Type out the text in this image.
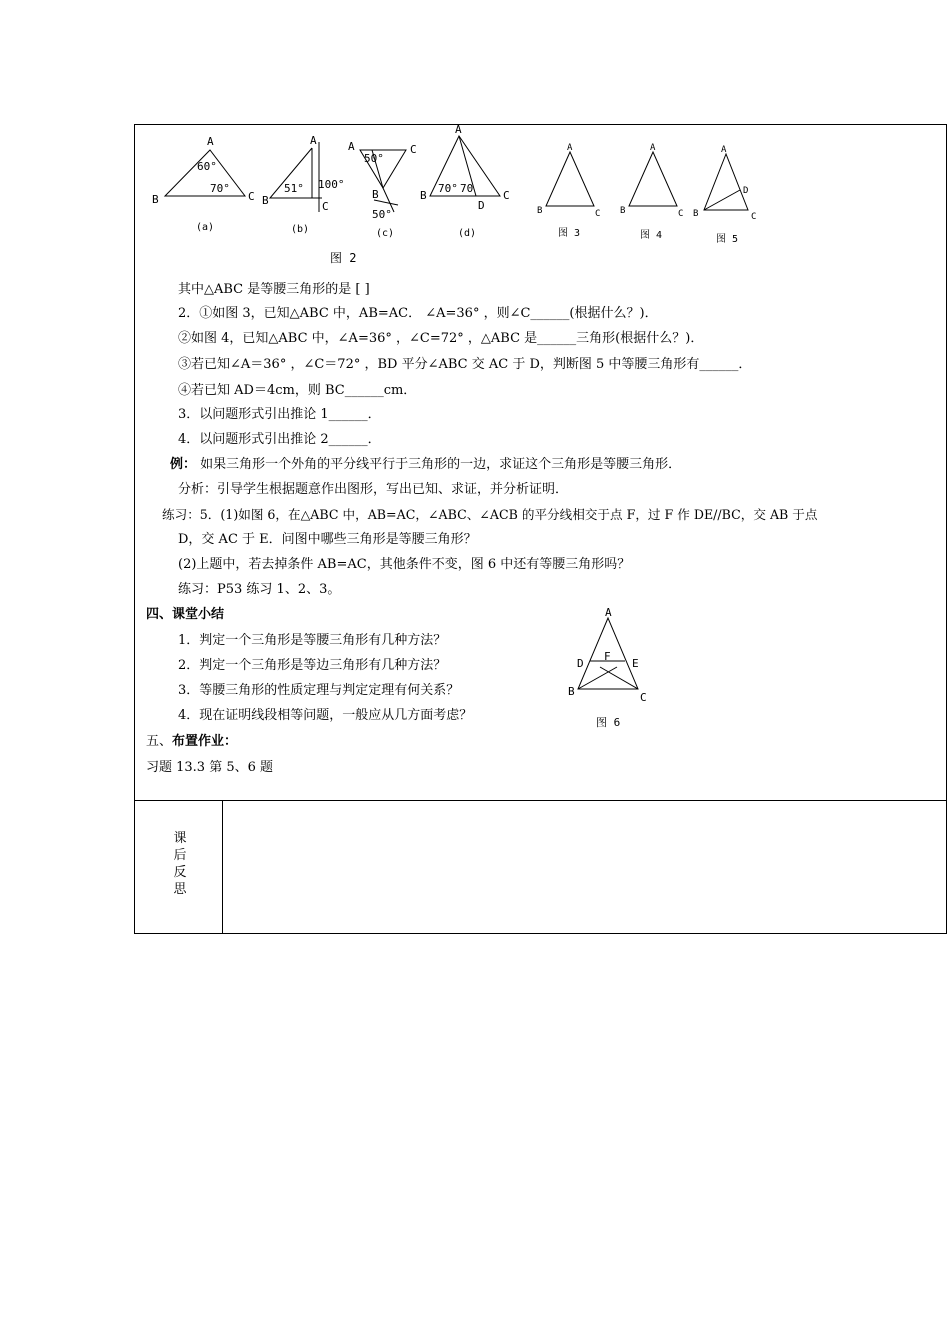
A
B	C
60°
70°
(a)
A
B	C
51° 100°
(b)
A	C
B
50°
50°
(c)
A
B	C
D
70° 70
(d)
图 2
A
B	C
图 3
A
B	C
图 4
A
B	C
D
图 5
其中△ABC 是等腰三角形的是 [ ]
2．①如图 3，已知△ABC 中，AB=AC． ∠A=36° ，则∠C______(根据什么？)．
②如图 4，已知△ABC 中，∠A=36° ，∠C=72° ，△ABC 是______三角形(根据什么？)．
③若已知∠A＝36° ，∠C＝72° ，BD 平分∠ABC 交 AC 于 D，判断图 5 中等腰三角形有______．
④若已知 AD＝4cm，则 BC______cm．
3．以问题形式引出推论 1______．
4．以问题形式引出推论 2______．
例： 如果三角形一个外角的平分线平行于三角形的一边，求证这个三角形是等腰三角形．
分析：引导学生根据题意作出图形，写出已知、求证，并分析证明．
练习：5．(1)如图 6，在△ABC 中，AB=AC，∠ABC、∠ACB 的平分线相交于点 F，过 F 作 DE//BC，交 AB 于点
D，交 AC 于 E．问图中哪些三角形是等腰三角形？
(2)上题中，若去掉条件 AB=AC，其他条件不变，图 6 中还有等腰三角形吗？
练习：P53 练习 1、2、3。
四、课堂小结
1．判定一个三角形是等腰三角形有几种方法？
2．判定一个三角形是等边三角形有几种方法？
3．等腰三角形的性质定理与判定定理有何关系？
4．现在证明线段相等问题，一般应从几方面考虑？
五、布置作业：
习题 13.3 第 5、6 题
A
B	C
D	E
F
图 6
课
后
反
思
